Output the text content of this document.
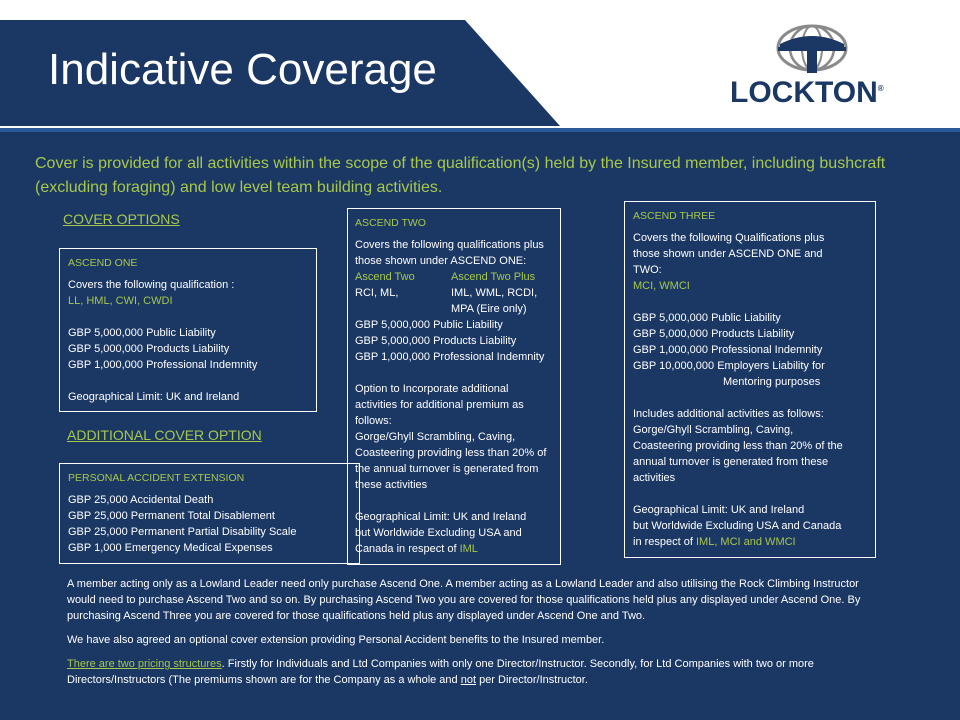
Indicative Coverage	LOCKTON®
Cover is provided for all activities within the scope of the qualification(s) held by the Insured member, including bushcraft (excluding foraging) and low level team building activities.
COVER OPTIONS
ADDITIONAL COVER OPTION
ASCEND ONE
Covers the following qualification :
LL, HML, CWI, CWDI
GBP 5,000,000 Public Liability
GBP 5,000,000 Products Liability
GBP 1,000,000 Professional Indemnity
Geographical Limit: UK and Ireland
PERSONAL ACCIDENT EXTENSION
GBP 25,000 Accidental Death
GBP 25,000 Permanent Total Disablement
GBP 25,000 Permanent Partial Disability Scale
GBP 1,000 Emergency Medical Expenses
ASCEND TWO
Covers the following qualifications plus
those shown under ASCEND ONE:
Ascend Two	Ascend Two Plus
RCI, ML,	IML, WML, RCDI,
MPA (Eire only)
GBP 5,000,000 Public Liability
GBP 5,000,000 Products Liability
GBP 1,000,000 Professional Indemnity
Option to Incorporate additional
activities for additional premium as
follows:
Gorge/Ghyll Scrambling, Caving,
Coasteering providing less than 20% of
the annual turnover is generated from
these activities
Geographical Limit: UK and Ireland
but Worldwide Excluding USA and
Canada in respect of IML
ASCEND THREE
Covers the following Qualifications plus
those shown under ASCEND ONE and
TWO:
MCI, WMCI
GBP 5,000,000 Public Liability
GBP 5,000,000 Products Liability
GBP 1,000,000 Professional Indemnity
GBP 10,000,000 Employers Liability for
Mentoring purposes
Includes additional activities as follows:
Gorge/Ghyll Scrambling, Caving,
Coasteering providing less than 20% of the
annual turnover is generated from these
activities
Geographical Limit: UK and Ireland
but Worldwide Excluding USA and Canada
in respect of IML, MCI and WMCI

A member acting only as a Lowland Leader need only purchase Ascend One. A member acting as a Lowland Leader and also utilising the Rock Climbing Instructor would need to purchase Ascend Two and so on. By purchasing Ascend Two you are covered for those qualifications held plus any displayed under Ascend One. By purchasing Ascend Three you are covered for those qualifications held plus any displayed under Ascend One and Two.

We have also agreed an optional cover extension providing Personal Accident benefits to the Insured member.

There are two pricing structures. Firstly for Individuals and Ltd Companies with only one Director/Instructor. Secondly, for Ltd Companies with two or more Directors/Instructors (The premiums shown are for the Company as a whole and not per Director/Instructor.
